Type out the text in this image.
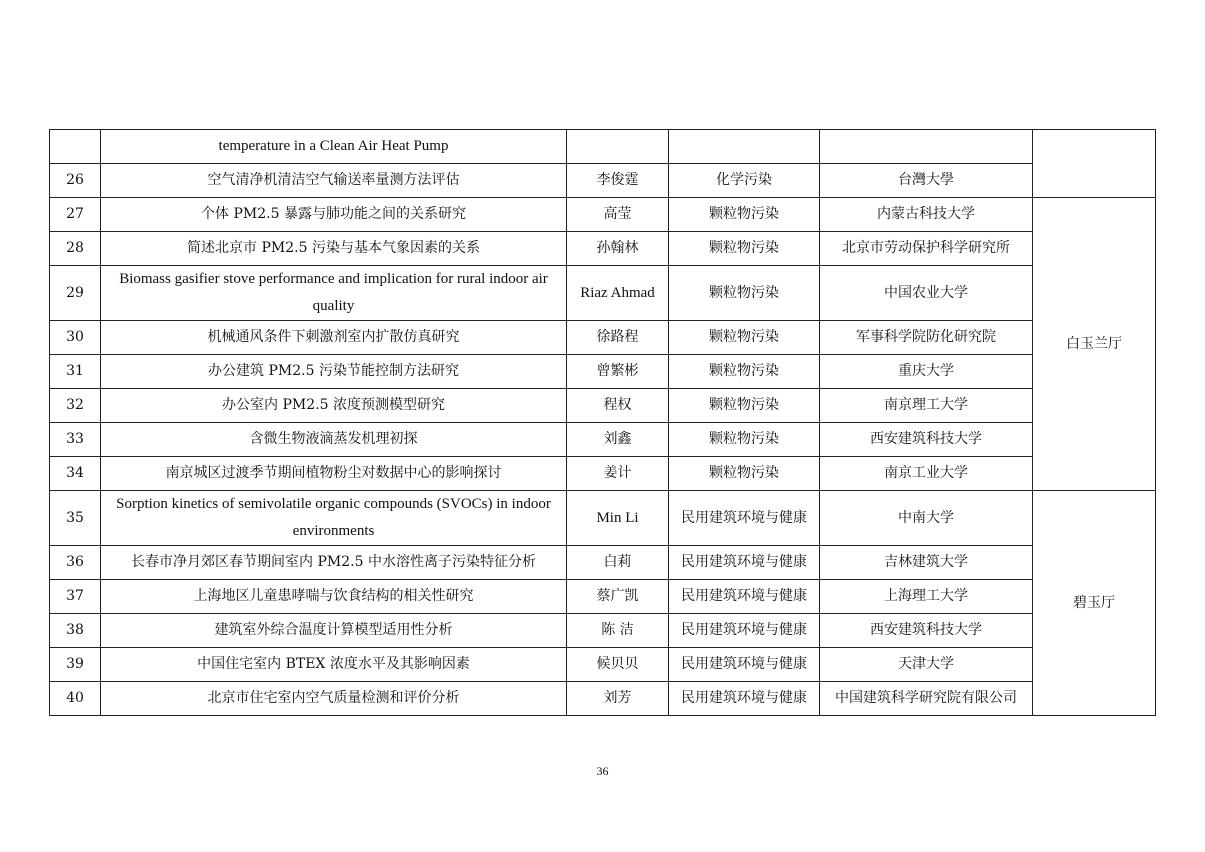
	temperature in a Clean Air Heat Pump				
26	空气清净机清洁空气输送率量测方法评估	李俊霆	化学污染	台灣大學	
27	个体 PM2.5 暴露与肺功能之间的关系研究	高莹	颗粒物污染	内蒙古科技大学	白玉兰厅
28	简述北京市 PM2.5 污染与基本气象因素的关系	孙翰林	颗粒物污染	北京市劳动保护科学研究所	
29	Biomass gasifier stove performance and implication for rural indoor air quality	Riaz Ahmad	颗粒物污染	中国农业大学	
30	机械通风条件下刺激剂室内扩散仿真研究	徐路程	颗粒物污染	军事科学院防化研究院	
31	办公建筑 PM2.5 污染节能控制方法研究	曾繁彬	颗粒物污染	重庆大学	
32	办公室内 PM2.5 浓度预测模型研究	程权	颗粒物污染	南京理工大学	
33	含微生物液滴蒸发机理初探	刘鑫	颗粒物污染	西安建筑科技大学	
34	南京城区过渡季节期间植物粉尘对数据中心的影响探讨	姜计	颗粒物污染	南京工业大学	
35	Sorption kinetics of semivolatile organic compounds (SVOCs) in indoor environments	Min Li	民用建筑环境与健康	中南大学	碧玉厅
36	长春市净月郊区春节期间室内 PM2.5 中水溶性离子污染特征分析	白莉	民用建筑环境与健康	吉林建筑大学	
37	上海地区儿童患哮喘与饮食结构的相关性研究	蔡广凯	民用建筑环境与健康	上海理工大学	
38	建筑室外综合温度计算模型适用性分析	陈 洁	民用建筑环境与健康	西安建筑科技大学	
39	中国住宅室内 BTEX 浓度水平及其影响因素	候贝贝	民用建筑环境与健康	天津大学	
40	北京市住宅室内空气质量检测和评价分析	刘芳	民用建筑环境与健康	中国建筑科学研究院有限公司	
36
